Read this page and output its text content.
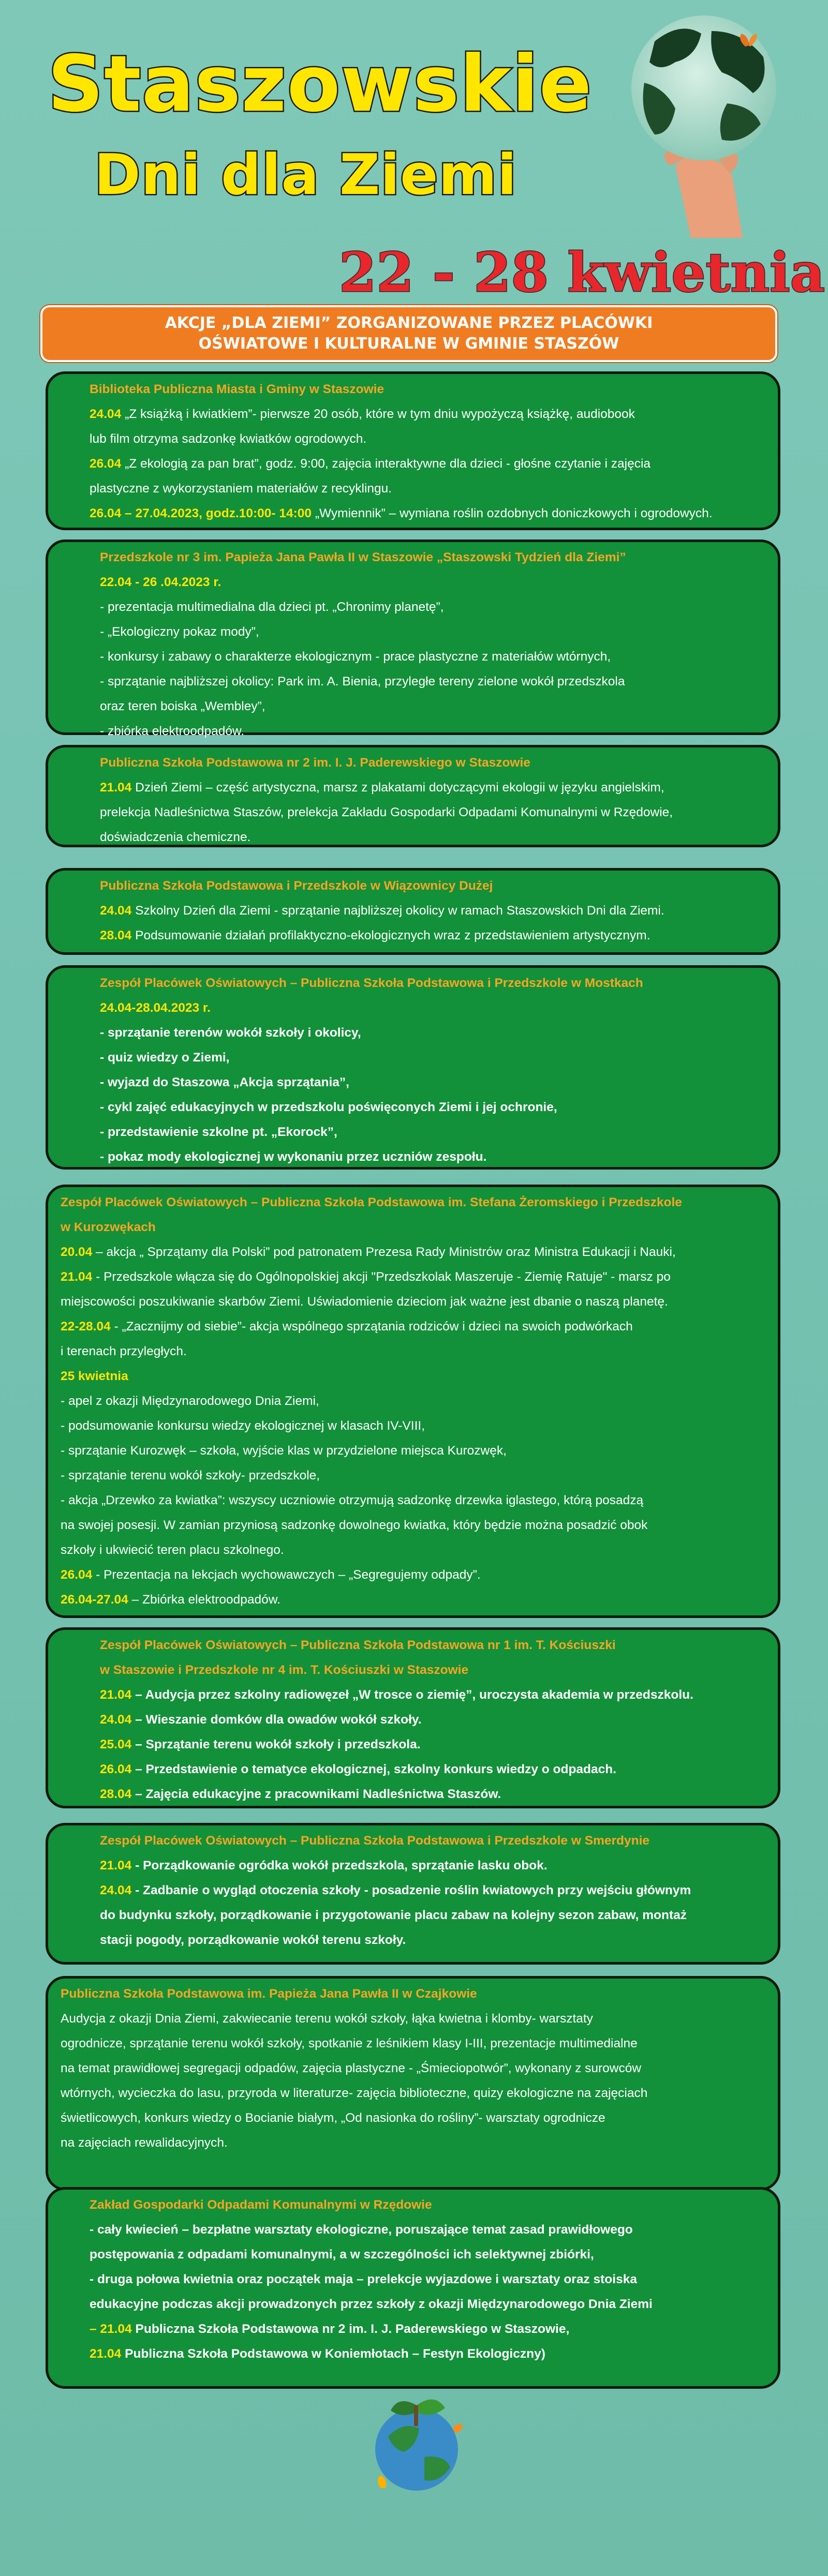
Staszowskie
Dni dla Ziemi
22 - 28 kwietnia
AKCJE „DLA ZIEMI” ZORGANIZOWANE PRZEZ PLACÓWKI OŚWIATOWE I KULTURALNE W GMINIE STASZÓW
Biblioteka Publiczna Miasta i Gminy w Staszowie
24.04 „Z książką i kwiatkiem”- pierwsze 20 osób, które w tym dniu wypożyczą książkę, audiobook
lub film otrzyma sadzonkę kwiatków ogrodowych.
26.04 „Z ekologią za pan brat”, godz. 9:00, zajęcia interaktywne dla dzieci - głośne czytanie i zajęcia
plastyczne z wykorzystaniem materiałów z recyklingu.
26.04 – 27.04.2023, godz.10:00- 14:00 „Wymiennik” – wymiana roślin ozdobnych doniczkowych i ogrodowych.
Przedszkole nr 3 im. Papieża Jana Pawła II w Staszowie „Staszowski Tydzień dla Ziemi”
22.04 - 26 .04.2023 r.
- prezentacja multimedialna dla dzieci pt. „Chronimy planetę”,
- „Ekologiczny pokaz mody”,
- konkursy i zabawy o charakterze ekologicznym - prace plastyczne z materiałów wtórnych,
- sprzątanie najbliższej okolicy: Park im. A. Bienia, przyległe tereny zielone wokół przedszkola
oraz teren boiska „Wembley”,
- zbiórka elektroodpadów.
Publiczna Szkoła Podstawowa nr 2 im. I. J. Paderewskiego w Staszowie
21.04 Dzień Ziemi – część artystyczna, marsz z plakatami dotyczącymi ekologii w języku angielskim,
prelekcja Nadleśnictwa Staszów, prelekcja Zakładu Gospodarki Odpadami Komunalnymi w Rzędowie,
doświadczenia chemiczne.
Publiczna Szkoła Podstawowa i Przedszkole w Wiązownicy Dużej
24.04 Szkolny Dzień dla Ziemi - sprzątanie najbliższej okolicy w ramach Staszowskich Dni dla Ziemi.
28.04 Podsumowanie działań profilaktyczno-ekologicznych wraz z przedstawieniem artystycznym.
Zespół Placówek Oświatowych – Publiczna Szkoła Podstawowa i Przedszkole w Mostkach
24.04-28.04.2023 r.
- sprzątanie terenów wokół szkoły i okolicy,
- quiz wiedzy o Ziemi,
- wyjazd do Staszowa „Akcja sprzątania”,
- cykl zajęć edukacyjnych w przedszkolu poświęconych Ziemi i jej ochronie,
- przedstawienie szkolne pt. „Ekorock”,
- pokaz mody ekologicznej w wykonaniu przez uczniów zespołu.
Zespół Placówek Oświatowych – Publiczna Szkoła Podstawowa im. Stefana Żeromskiego i Przedszkole
w Kurozwękach
20.04 – akcja „ Sprzątamy dla Polski” pod patronatem Prezesa Rady Ministrów oraz Ministra Edukacji i Nauki,
21.04 - Przedszkole włącza się do Ogólnopolskiej akcji "Przedszkolak Maszeruje - Ziemię Ratuje" - marsz po
miejscowości poszukiwanie skarbów Ziemi. Uświadomienie dzieciom jak ważne jest dbanie o naszą planetę.
22-28.04 - „Zacznijmy od siebie”- akcja wspólnego sprzątania rodziców i dzieci na swoich podwórkach
i terenach przyległych.
25 kwietnia
- apel z okazji Międzynarodowego Dnia Ziemi,
- podsumowanie konkursu wiedzy ekologicznej w klasach IV-VIII,
- sprzątanie Kurozwęk – szkoła, wyjście klas w przydzielone miejsca Kurozwęk,
- sprzątanie terenu wokół szkoły- przedszkole,
- akcja „Drzewko za kwiatka”: wszyscy uczniowie otrzymują sadzonkę drzewka iglastego, którą posadzą
na swojej posesji. W zamian przyniosą sadzonkę dowolnego kwiatka, który będzie można posadzić obok
szkoły i ukwiecić teren placu szkolnego.
26.04 - Prezentacja na lekcjach wychowawczych – „Segregujemy odpady”.
26.04-27.04 – Zbiórka elektroodpadów.
Zespół Placówek Oświatowych – Publiczna Szkoła Podstawowa nr 1 im. T. Kościuszki
w Staszowie i Przedszkole nr 4 im. T. Kościuszki w Staszowie
21.04 – Audycja przez szkolny radiowęzeł „W trosce o ziemię”, uroczysta akademia w przedszkolu.
24.04 – Wieszanie domków dla owadów wokół szkoły.
25.04 – Sprzątanie terenu wokół szkoły i przedszkola.
26.04 – Przedstawienie o tematyce ekologicznej, szkolny konkurs wiedzy o odpadach.
28.04 – Zajęcia edukacyjne z pracownikami Nadleśnictwa Staszów.
Zespół Placówek Oświatowych – Publiczna Szkoła Podstawowa i Przedszkole w Smerdynie
21.04 - Porządkowanie ogródka wokół przedszkola, sprzątanie lasku obok.
24.04 - Zadbanie o wygląd otoczenia szkoły - posadzenie roślin kwiatowych przy wejściu głównym
do budynku szkoły, porządkowanie i przygotowanie placu zabaw na kolejny sezon zabaw, montaż
stacji pogody, porządkowanie wokół terenu szkoły.
Publiczna Szkoła Podstawowa im. Papieża Jana Pawła II w Czajkowie
Audycja z okazji Dnia Ziemi, zakwiecanie terenu wokół szkoły, łąka kwietna i klomby- warsztaty
ogrodnicze, sprzątanie terenu wokół szkoły, spotkanie z leśnikiem klasy I-III, prezentacje multimedialne
na temat prawidłowej segregacji odpadów, zajęcia plastyczne - „Śmieciopotwór”, wykonany z surowców
wtórnych, wycieczka do lasu, przyroda w literaturze- zajęcia biblioteczne, quizy ekologiczne na zajęciach
świetlicowych, konkurs wiedzy o Bocianie białym, „Od nasionka do rośliny”- warsztaty ogrodnicze
na zajęciach rewalidacyjnych.
Zakład Gospodarki Odpadami Komunalnymi w Rzędowie
- cały kwiecień – bezpłatne warsztaty ekologiczne, poruszające temat zasad prawidłowego
postępowania z odpadami komunalnymi, a w szczególności ich selektywnej zbiórki,
- druga połowa kwietnia oraz początek maja – prelekcje wyjazdowe i warsztaty oraz stoiska
edukacyjne podczas akcji prowadzonych przez szkoły z okazji Międzynarodowego Dnia Ziemi
– 21.04 Publiczna Szkoła Podstawowa nr 2 im. I. J. Paderewskiego w Staszowie,
21.04 Publiczna Szkoła Podstawowa w Koniemłotach – Festyn Ekologiczny)
